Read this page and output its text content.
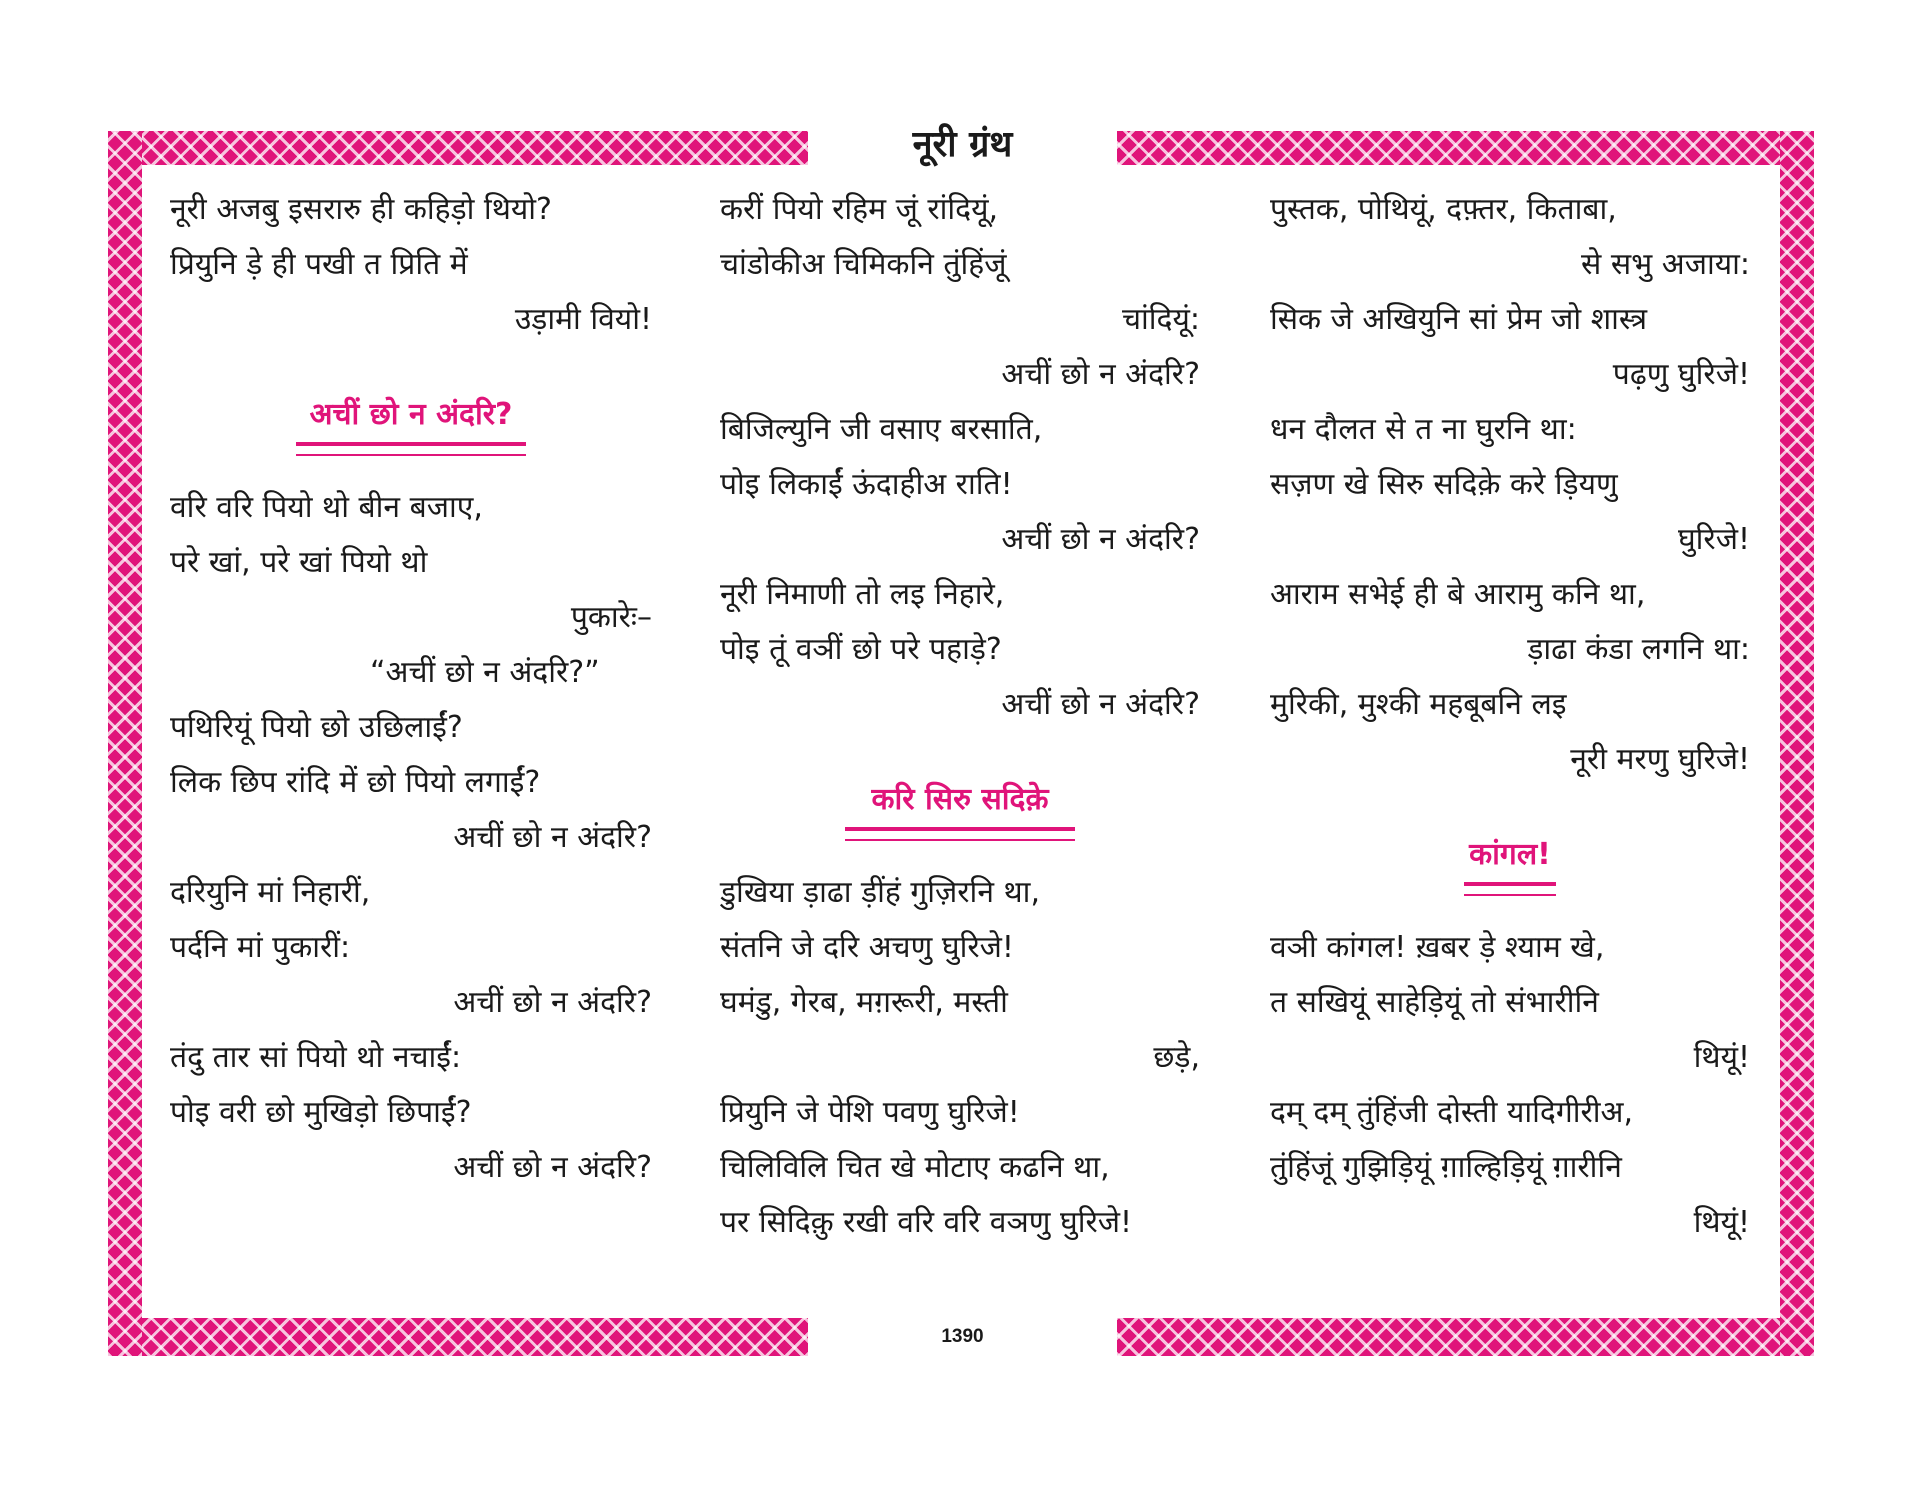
नूरी ग्रंथ
नूरी अजबु इसरारु ही कहिड़ो थियो?
प्रियुनि ड़े ही पखी त प्रिति में
उड़ामी वियो!
अचीं छो न अंदरि?
वरि वरि पियो थो बीन बजाए,
परे खां, परे खां पियो थो
पुकारेः–
“अचीं छो न अंदरि?”
पथिरियूं पियो छो उछिलाईं?
लिक छिप रांदि में छो पियो लगाईं?
अचीं छो न अंदरि?
दरियुनि मां निहारीं,
पर्दनि मां पुकारीं:
अचीं छो न अंदरि?
तंदु तार सां पियो थो नचाईं:
पोइ वरी छो मुखिड़ो छिपाईं?
अचीं छो न अंदरि?
करीं पियो रहिम जूं रांदियूं,
चांडोकीअ चिमिकनि तुंहिंजूं
चांदियूं:
अचीं छो न अंदरि?
बिजिल्युनि जी वसाए बरसाति,
पोइ लिकाईं ऊंदाहीअ राति!
अचीं छो न अंदरि?
नूरी निमाणी तो लइ निहारे,
पोइ तूं वञीं छो परे पहाड़े?
अचीं छो न अंदरि?
करि सिरु सदिक़े
डुखिया ड़ाढा ड़ींहं गुज़िरनि था,
संतनि जे दरि अचणु घुरिजे!
घमंडु, गेरब, मग़रूरी, मस्ती
छड़े,
प्रियुनि जे पेशि पवणु घुरिजे!
चिलिविलि चित खे मोटाए कढनि था,
पर सिदिक़ु रखी वरि वरि वञणु घुरिजे!
पुस्तक, पोथियूं, दफ़्तर, किताबा,
से सभु अजाया:
सिक जे अखियुनि सां प्रेम जो शास्त्र
पढ़णु घुरिजे!
धन दौलत से त ना घुरनि था:
सज़ण खे सिरु सदिक़े करे ड़ियणु
घुरिजे!
आराम सभेई ही बे आरामु कनि था,
ड़ाढा कंडा लगनि था:
मुरिकी, मुश्की महबूबनि लइ
नूरी मरणु घुरिजे!
कांगल!
वञी कांगल! ख़बर ड़े श्याम खे,
त सखियूं साहेड़ियूं तो संभारीनि
थियूं!
दम् दम् तुंहिंजी दोस्ती यादिगीरीअ,
तुंहिंजूं गुझिड़ियूं ग़ाल्हिड़ियूं ग़ारीनि
थियूं!
1390
